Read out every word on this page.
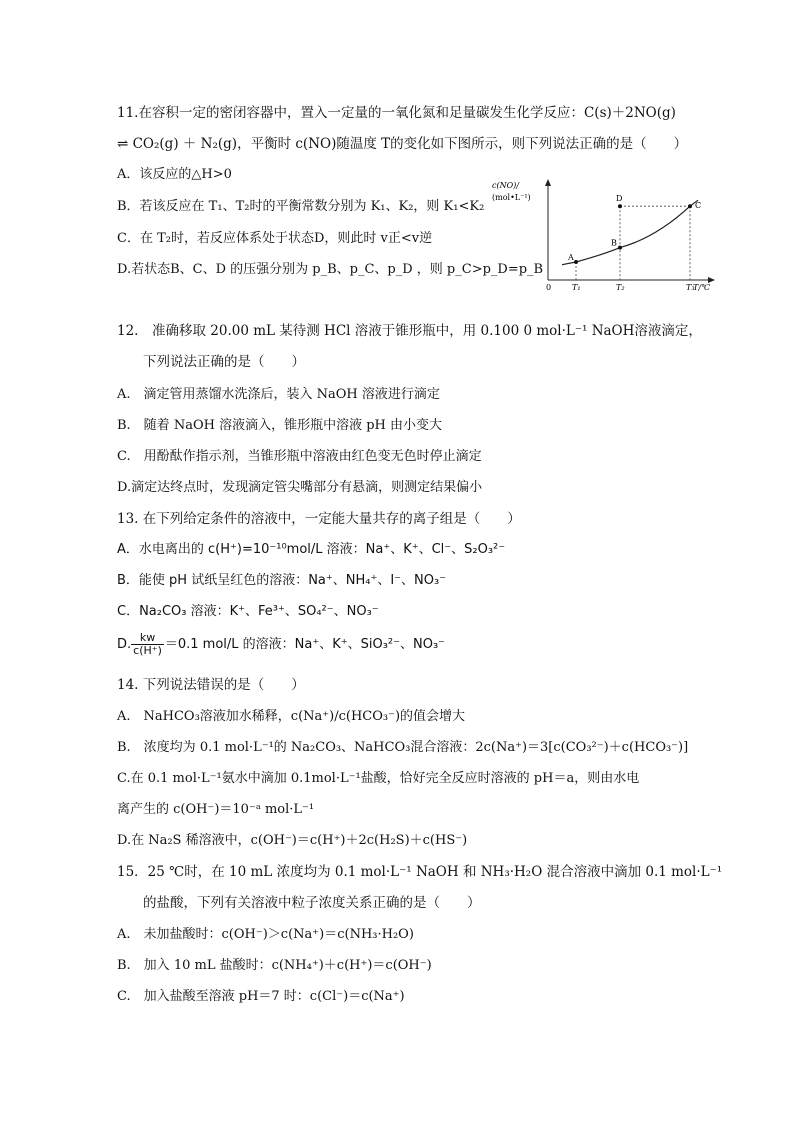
11.在容积一定的密闭容器中，置入一定量的一氧化氮和足量碳发生化学反应：C(s)＋2NO(g)
⇌ CO₂(g) ＋ N₂(g)，平衡时 c(NO)随温度 T的变化如下图所示，则下列说法正确的是（　　）
A．该反应的△H>0
B．若该反应在 T₁、T₂时的平衡常数分别为 K₁、K₂，则 K₁<K₂
C．在 T₂时，若反应体系处于状态D，则此时 v正<v逆
D.若状态B、C、D 的压强分别为 p_B、p_C、p_D ，则 p_C>p_D=p_B
c(NO)/
(mol•L⁻¹)
0	T/℃
A
B
C
D
T₁	T₂	T₃
12.　准确移取 20.00 mL 某待测 HCl 溶液于锥形瓶中，用 0.100 0 mol·L⁻¹ NaOH溶液滴定，
下列说法正确的是（　　）
A.　滴定管用蒸馏水洗涤后，装入 NaOH 溶液进行滴定
B.　随着 NaOH 溶液滴入，锥形瓶中溶液 pH 由小变大
C.　用酚酞作指示剂，当锥形瓶中溶液由红色变无色时停止滴定
D.滴定达终点时，发现滴定管尖嘴部分有悬滴，则测定结果偏小
13. 在下列给定条件的溶液中，一定能大量共存的离子组是（　　）
A．水电离出的 c(H⁺)=10⁻¹⁰mol/L 溶液：Na⁺、K⁺、Cl⁻、S₂O₃²⁻
B．能使 pH 试纸呈红色的溶液：Na⁺、NH₄⁺、I⁻、NO₃⁻
C．Na₂CO₃ 溶液：K⁺、Fe³⁺、SO₄²⁻、NO₃⁻
D. $\frac{kw}{c(H^+)} =0.1$ mol/L 的溶液：Na⁺、K⁺、SiO₃²⁻、NO₃⁻
14. 下列说法错误的是（　　）
A.　NaHCO₃溶液加水稀释，c(Na⁺)/c(HCO₃⁻)的值会增大
B.　浓度均为 0.1 mol·L⁻¹的 Na₂CO₃、NaHCO₃混合溶液：2c(Na⁺)＝3[c(CO₃²⁻)＋c(HCO₃⁻)]
C.在 0.1 mol·L⁻¹氨水中滴加 0.1mol·L⁻¹盐酸，恰好完全反应时溶液的 pH＝a，则由水电
离产生的 c(OH⁻)＝10⁻ᵃ mol·L⁻¹
D.在 Na₂S 稀溶液中，c(OH⁻)＝c(H⁺)＋2c(H₂S)＋c(HS⁻)
15．25 ℃时，在 10 mL 浓度均为 0.1 mol·L⁻¹ NaOH 和 NH₃·H₂O 混合溶液中滴加 0.1 mol·L⁻¹
的盐酸，下列有关溶液中粒子浓度关系正确的是（　　）
A.　未加盐酸时：c(OH⁻)＞c(Na⁺)＝c(NH₃·H₂O)
B.　加入 10 mL 盐酸时：c(NH₄⁺)＋c(H⁺)＝c(OH⁻)
C.　加入盐酸至溶液 pH＝7 时：c(Cl⁻)＝c(Na⁺)
